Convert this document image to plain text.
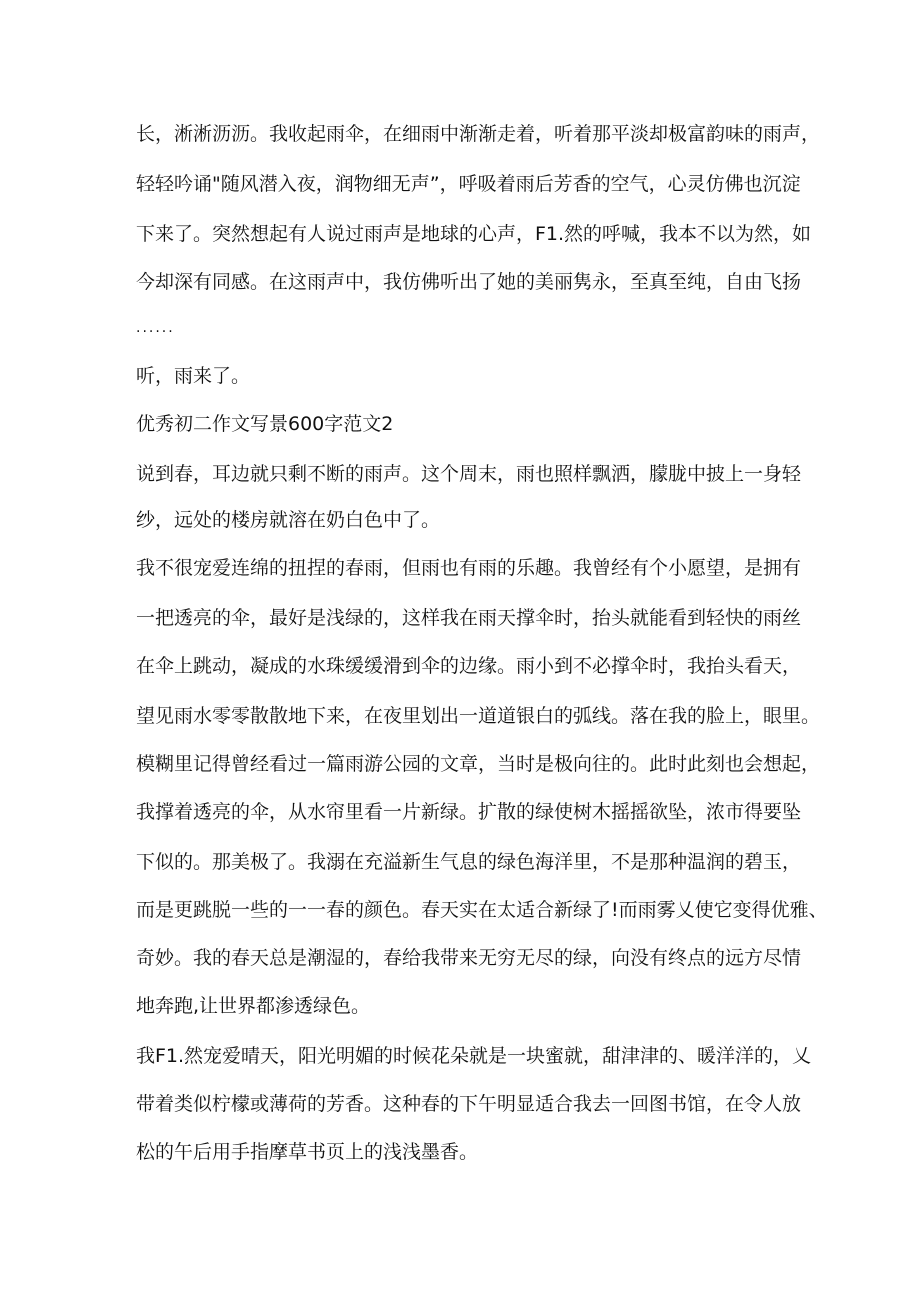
长，淅淅沥沥。我收起雨伞，在细雨中渐渐走着，听着那平淡却极富韵味的雨声，
轻轻吟诵"随风潜入夜，润物细无声”，呼吸着雨后芳香的空气，心灵仿佛也沉淀
下来了。突然想起有人说过雨声是地球的心声，F1.然的呼喊，我本不以为然，如
今却深有同感。在这雨声中，我仿佛听出了她的美丽隽永，至真至纯，自由飞扬
......
听，雨来了。
优秀初二作文写景600字范文2
说到春，耳边就只剩不断的雨声。这个周末，雨也照样飘洒，朦胧中披上一身轻
纱，远处的楼房就溶在奶白色中了。
我不很宠爱连绵的扭捏的春雨，但雨也有雨的乐趣。我曾经有个小愿望，是拥有
一把透亮的伞，最好是浅绿的，这样我在雨天撑伞时，抬头就能看到轻快的雨丝
在伞上跳动，凝成的水珠缓缓滑到伞的边缘。雨小到不必撑伞时，我抬头看天，
望见雨水零零散散地下来，在夜里划出一道道银白的弧线。落在我的脸上，眼里。
模糊里记得曾经看过一篇雨游公园的文章，当时是极向往的。此时此刻也会想起，
我撑着透亮的伞，从水帘里看一片新绿。扩散的绿使树木摇摇欲坠，浓市得要坠
下似的。那美极了。我溺在充溢新生气息的绿色海洋里，不是那种温润的碧玉，
而是更跳脱一些的一一春的颜色。春天实在太适合新绿了!而雨雾乂使它变得优雅、
奇妙。我的春天总是潮湿的，春给我带来无穷无尽的绿，向没有终点的远方尽情
地奔跑,让世界都渗透绿色。
我F1.然宠爱晴天，阳光明媚的时候花朵就是一块蜜就，甜津津的、暖洋洋的，乂
带着类似柠檬或薄荷的芳香。这种春的下午明显适合我去一回图书馆，在令人放
松的午后用手指摩草书页上的浅浅墨香。
